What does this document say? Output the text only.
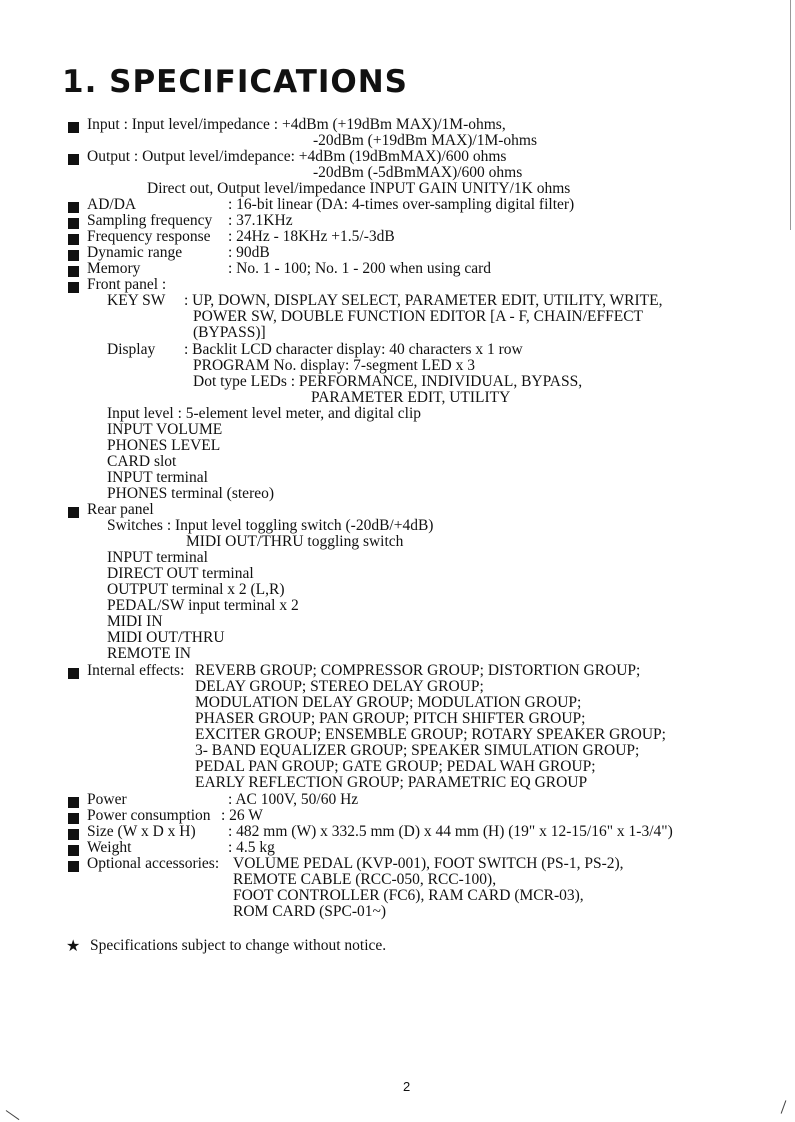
1. SPECIFICATIONS
Input : Input level/impedance : +4dBm (+19dBm MAX)/1M-ohms,
-20dBm (+19dBm MAX)/1M-ohms
Output : Output level/imdepance: +4dBm (19dBmMAX)/600 ohms
-20dBm (-5dBmMAX)/600 ohms
Direct out, Output level/impedance INPUT GAIN UNITY/1K ohms
AD/DA	: 16-bit linear (DA: 4-times over-sampling digital filter)
Sampling frequency : 37.1KHz
Frequency response : 24Hz - 18KHz +1.5/-3dB
Dynamic range	: 90dB
Memory	: No. 1 - 100; No. 1 - 200 when using card
Front panel :
KEY SW : UP, DOWN, DISPLAY SELECT, PARAMETER EDIT, UTILITY, WRITE,
POWER SW, DOUBLE FUNCTION EDITOR [A - F, CHAIN/EFFECT
(BYPASS)]
Display : Backlit LCD character display: 40 characters x 1 row
PROGRAM No. display: 7-segment LED x 3
Dot type LEDs : PERFORMANCE, INDIVIDUAL, BYPASS,
PARAMETER EDIT, UTILITY
Input level : 5-element level meter, and digital clip
INPUT VOLUME
PHONES LEVEL
CARD slot
INPUT terminal
PHONES terminal (stereo)
Rear panel
Switches : Input level toggling switch (-20dB/+4dB)
MIDI OUT/THRU toggling switch
INPUT terminal
DIRECT OUT terminal
OUTPUT terminal x 2 (L,R)
PEDAL/SW input terminal x 2
MIDI IN
MIDI OUT/THRU
REMOTE IN
Internal effects: REVERB GROUP; COMPRESSOR GROUP; DISTORTION GROUP;
DELAY GROUP; STEREO DELAY GROUP;
MODULATION DELAY GROUP; MODULATION GROUP;
PHASER GROUP; PAN GROUP; PITCH SHIFTER GROUP;
EXCITER GROUP; ENSEMBLE GROUP; ROTARY SPEAKER GROUP;
3- BAND EQUALIZER GROUP; SPEAKER SIMULATION GROUP;
PEDAL PAN GROUP; GATE GROUP; PEDAL WAH GROUP;
EARLY REFLECTION GROUP; PARAMETRIC EQ GROUP
Power	: AC 100V, 50/60 Hz
Power consumption : 26 W
Size (W x D x H) : 482 mm (W) x 332.5 mm (D) x 44 mm (H) (19" x 12-15/16" x 1-3/4")
Weight	: 4.5 kg
Optional accessories: VOLUME PEDAL (KVP-001), FOOT SWITCH (PS-1, PS-2),
REMOTE CABLE (RCC-050, RCC-100),
FOOT CONTROLLER (FC6), RAM CARD (MCR-03),
ROM CARD (SPC-01~)
★ Specifications subject to change without notice.
2
